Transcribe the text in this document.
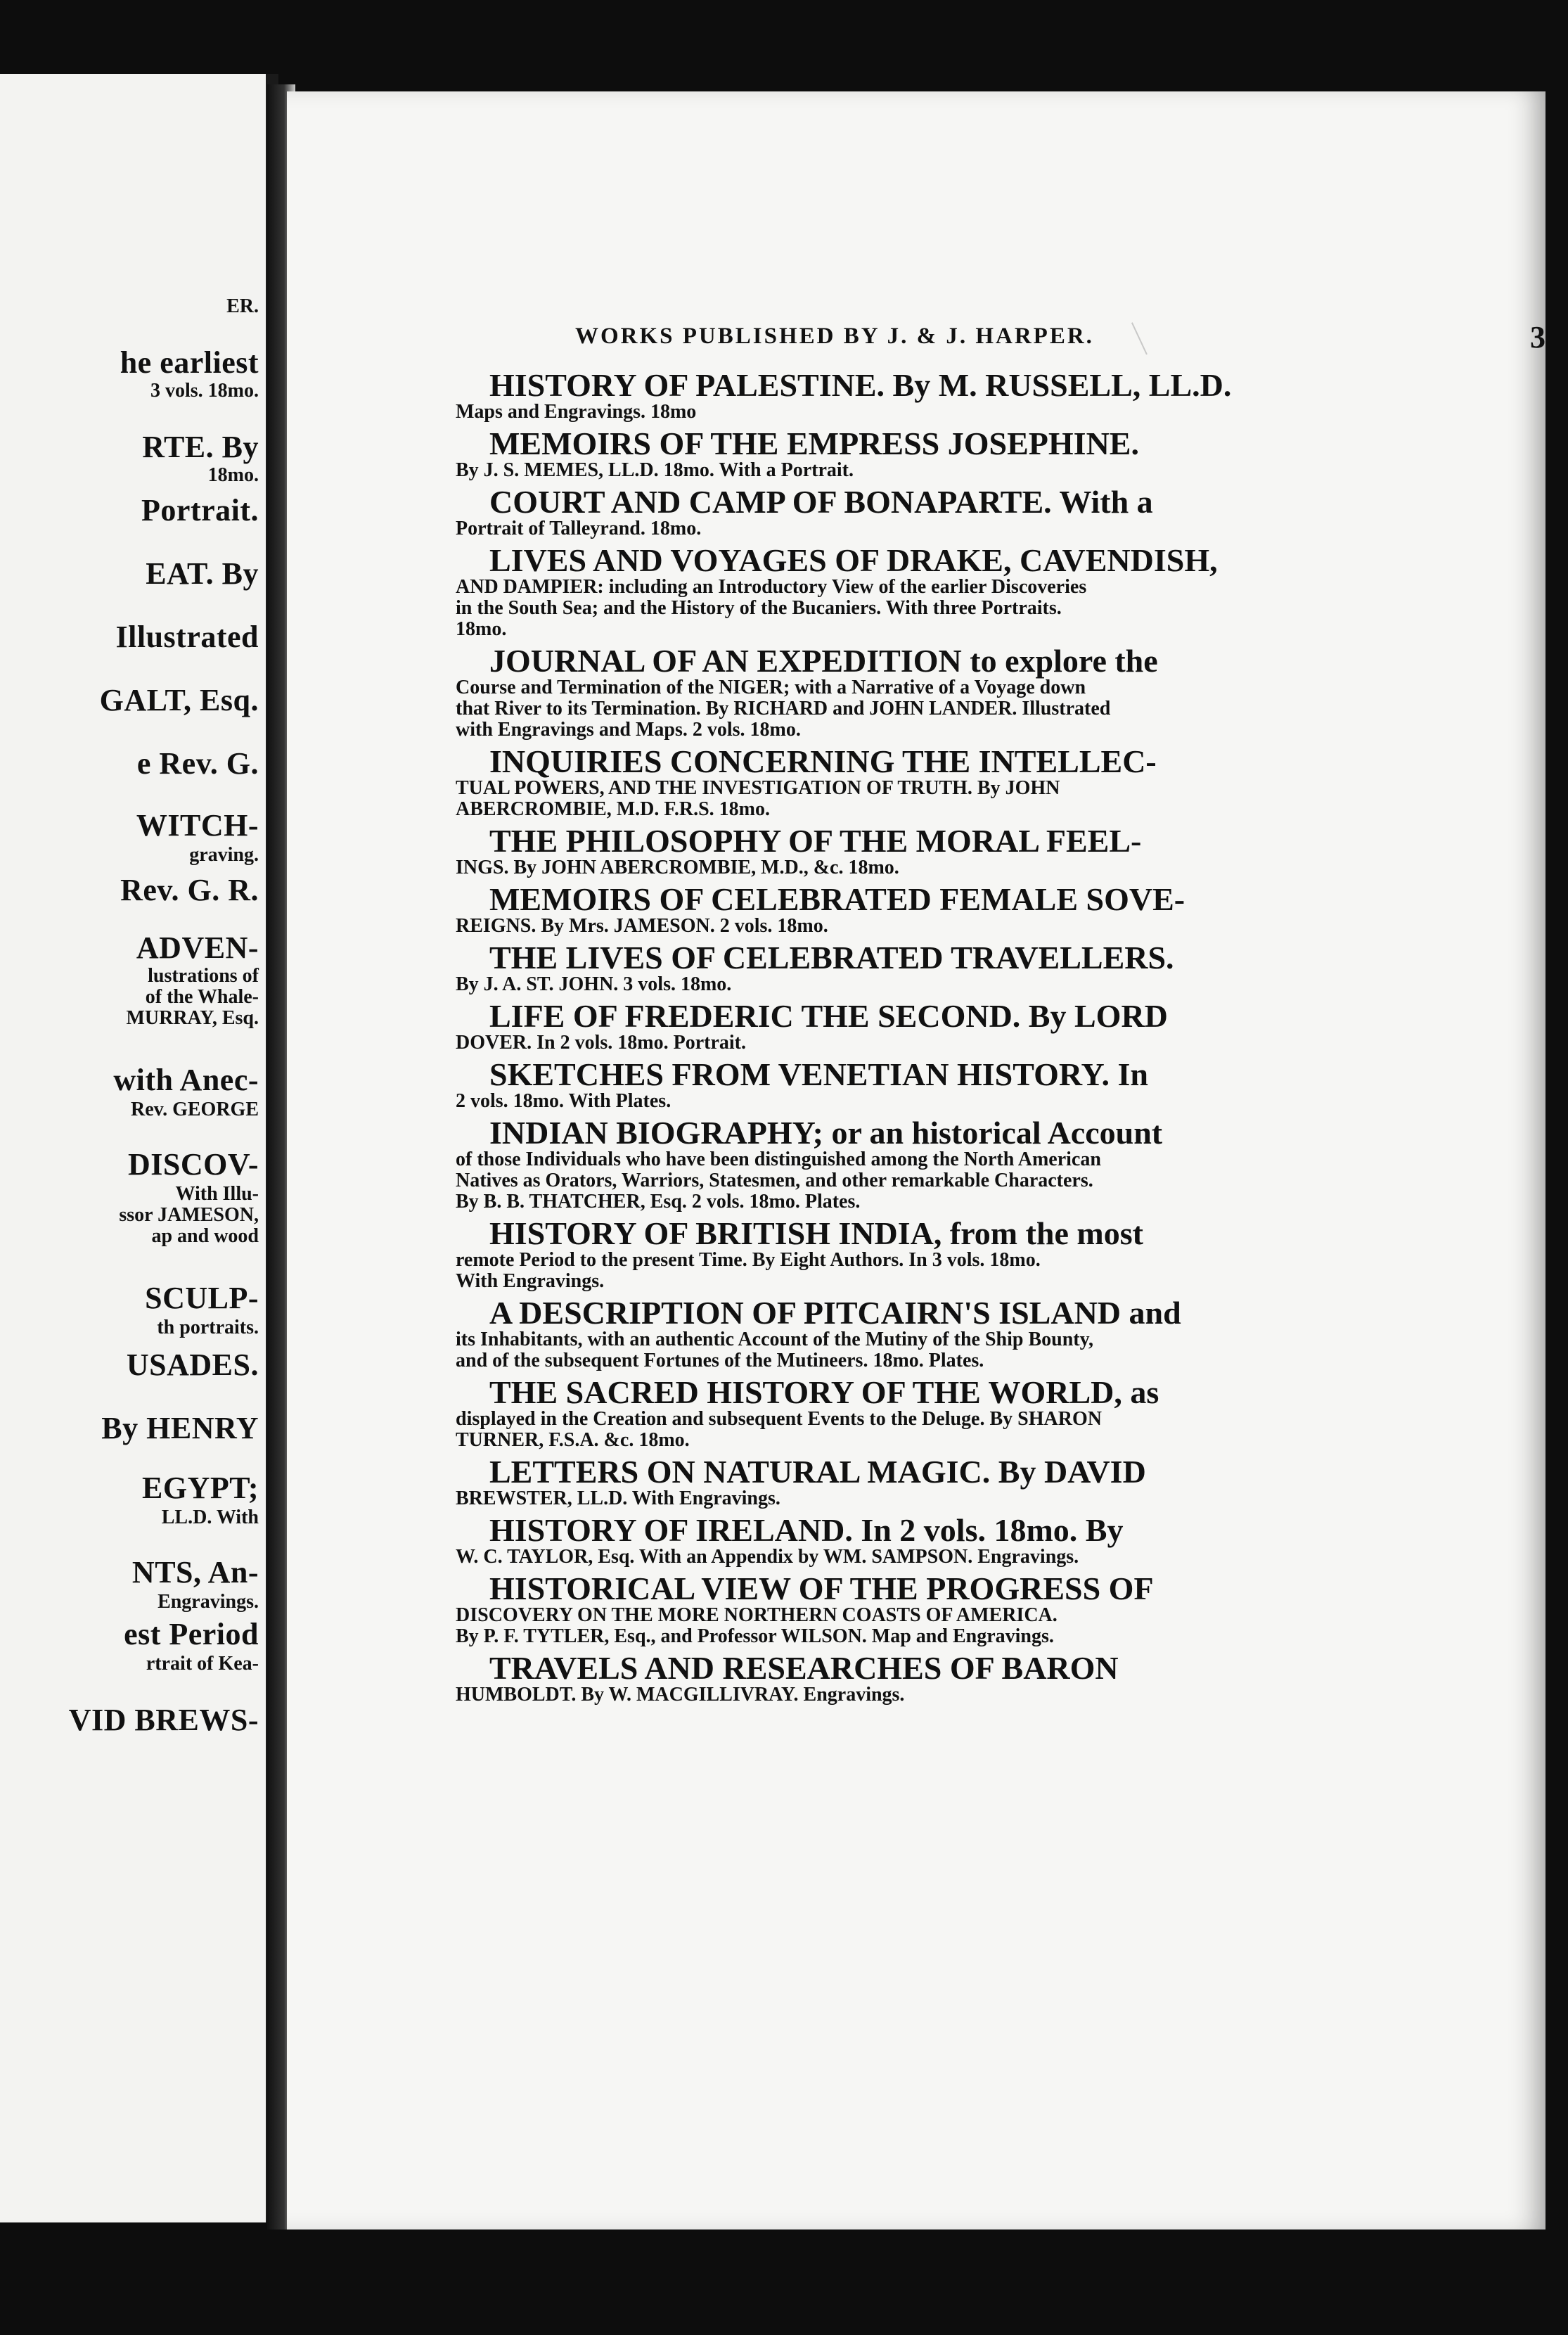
ER.
he earliest
3 vols. 18mo.
RTE. By
18mo.
Portrait.
EAT. By
Illustrated
GALT, Esq.
e Rev. G.
WITCH-
graving.
Rev. G. R.
ADVEN-
lustrations of
of the Whale-
MURRAY, Esq.
with Anec-
Rev. GEORGE
DISCOV-
With Illu-
ssor JAMESON,
ap and wood
SCULP-
th portraits.
USADES.
By HENRY
EGYPT;
LL.D. With
NTS, An-
Engravings.
est Period
rtrait of Kea-
VID BREWS-
WORKS PUBLISHED BY J. & J. HARPER.	3
HISTORY OF PALESTINE. By M. RUSSELL, LL.D.
Maps and Engravings. 18mo
MEMOIRS OF THE EMPRESS JOSEPHINE.
By J. S. MEMES, LL.D. 18mo. With a Portrait.
COURT AND CAMP OF BONAPARTE. With a
Portrait of Talleyrand. 18mo.
LIVES AND VOYAGES OF DRAKE, CAVENDISH,
AND DAMPIER: including an Introductory View of the earlier Discoveries
in the South Sea; and the History of the Bucaniers. With three Portraits.
18mo.
JOURNAL OF AN EXPEDITION to explore the
Course and Termination of the NIGER; with a Narrative of a Voyage down
that River to its Termination. By RICHARD and JOHN LANDER. Illustrated
with Engravings and Maps. 2 vols. 18mo.
INQUIRIES CONCERNING THE INTELLEC-
TUAL POWERS, AND THE INVESTIGATION OF TRUTH. By JOHN
ABERCROMBIE, M.D. F.R.S. 18mo.
THE PHILOSOPHY OF THE MORAL FEEL-
INGS. By JOHN ABERCROMBIE, M.D., &c. 18mo.
MEMOIRS OF CELEBRATED FEMALE SOVE-
REIGNS. By Mrs. JAMESON. 2 vols. 18mo.
THE LIVES OF CELEBRATED TRAVELLERS.
By J. A. ST. JOHN. 3 vols. 18mo.
LIFE OF FREDERIC THE SECOND. By LORD
DOVER. In 2 vols. 18mo. Portrait.
SKETCHES FROM VENETIAN HISTORY. In
2 vols. 18mo. With Plates.
INDIAN BIOGRAPHY; or an historical Account
of those Individuals who have been distinguished among the North American
Natives as Orators, Warriors, Statesmen, and other remarkable Characters.
By B. B. THATCHER, Esq. 2 vols. 18mo. Plates.
HISTORY OF BRITISH INDIA, from the most
remote Period to the present Time. By Eight Authors. In 3 vols. 18mo.
With Engravings.
A DESCRIPTION OF PITCAIRN'S ISLAND and
its Inhabitants, with an authentic Account of the Mutiny of the Ship Bounty,
and of the subsequent Fortunes of the Mutineers. 18mo. Plates.
THE SACRED HISTORY OF THE WORLD, as
displayed in the Creation and subsequent Events to the Deluge. By SHARON
TURNER, F.S.A. &c. 18mo.
LETTERS ON NATURAL MAGIC. By DAVID
BREWSTER, LL.D. With Engravings.
HISTORY OF IRELAND. In 2 vols. 18mo. By
W. C. TAYLOR, Esq. With an Appendix by WM. SAMPSON. Engravings.
HISTORICAL VIEW OF THE PROGRESS OF
DISCOVERY ON THE MORE NORTHERN COASTS OF AMERICA.
By P. F. TYTLER, Esq., and Professor WILSON. Map and Engravings.
TRAVELS AND RESEARCHES OF BARON
HUMBOLDT. By W. MACGILLIVRAY. Engravings.
